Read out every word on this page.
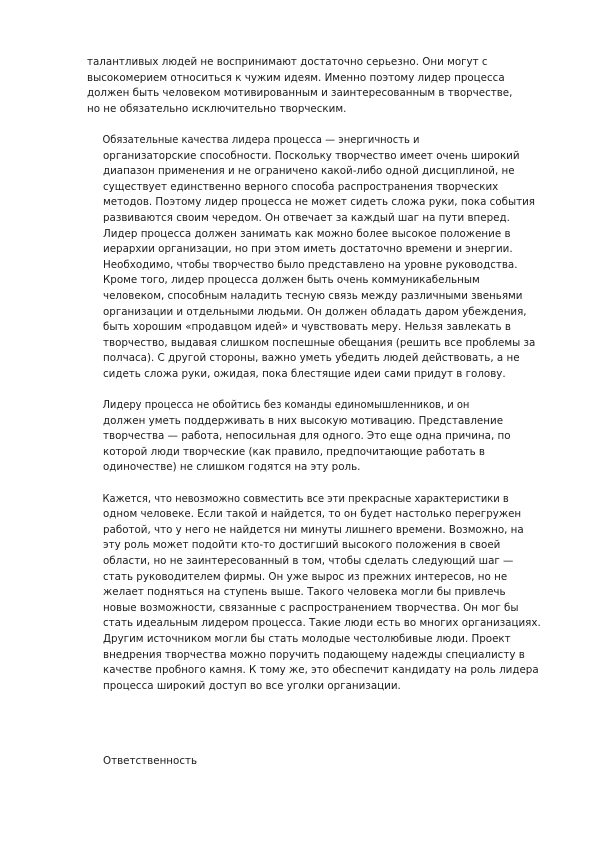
талантливых людей не воспринимают достаточно серьезно. Они могут с
высокомерием относиться к чужим идеям. Именно поэтому лидер процесса
должен быть человеком мотивированным и заинтересованным в творчестве,
но не обязательно исключительно творческим.
Обязательные качества лидера процесса — энергичность и
организаторские способности. Поскольку творчество имеет очень широкий
диапазон применения и не ограничено какой-либо одной дисциплиной, не
существует единственно верного способа распространения творческих
методов. Поэтому лидер процесса не может сидеть сложа руки, пока события
развиваются своим чередом. Он отвечает за каждый шаг на пути вперед.
Лидер процесса должен занимать как можно более высокое положение в
иерархии организации, но при этом иметь достаточно времени и энергии.
Необходимо, чтобы творчество было представлено на уровне руководства.
Кроме того, лидер процесса должен быть очень коммуникабельным
человеком, способным наладить тесную связь между различными звеньями
организации и отдельными людьми. Он должен обладать даром убеждения,
быть хорошим «продавцом идей» и чувствовать меру. Нельзя завлекать в
творчество, выдавая слишком поспешные обещания (решить все проблемы за
полчаса). С другой стороны, важно уметь убедить людей действовать, а не
сидеть сложа руки, ожидая, пока блестящие идеи сами придут в голову.
Лидеру процесса не обойтись без команды единомышленников, и он
должен уметь поддерживать в них высокую мотивацию. Представление
творчества — работа, непосильная для одного. Это еще одна причина, по
которой люди творческие (как правило, предпочитающие работать в
одиночестве) не слишком годятся на эту роль.
Кажется, что невозможно совместить все эти прекрасные характеристики в
одном человеке. Если такой и найдется, то он будет настолько перегружен
работой, что у него не найдется ни минуты лишнего времени. Возможно, на
эту роль может подойти кто-то достигший высокого положения в своей
области, но не заинтересованный в том, чтобы сделать следующий шаг —
стать руководителем фирмы. Он уже вырос из прежних интересов, но не
желает подняться на ступень выше. Такого человека могли бы привлечь
новые возможности, связанные с распространением творчества. Он мог бы
стать идеальным лидером процесса. Такие люди есть во многих организациях.
Другим источником могли бы стать молодые честолюбивые люди. Проект
внедрения творчества можно поручить подающему надежды специалисту в
качестве пробного камня. К тому же, это обеспечит кандидату на роль лидера
процесса широкий доступ во все уголки организации.
Ответственность
